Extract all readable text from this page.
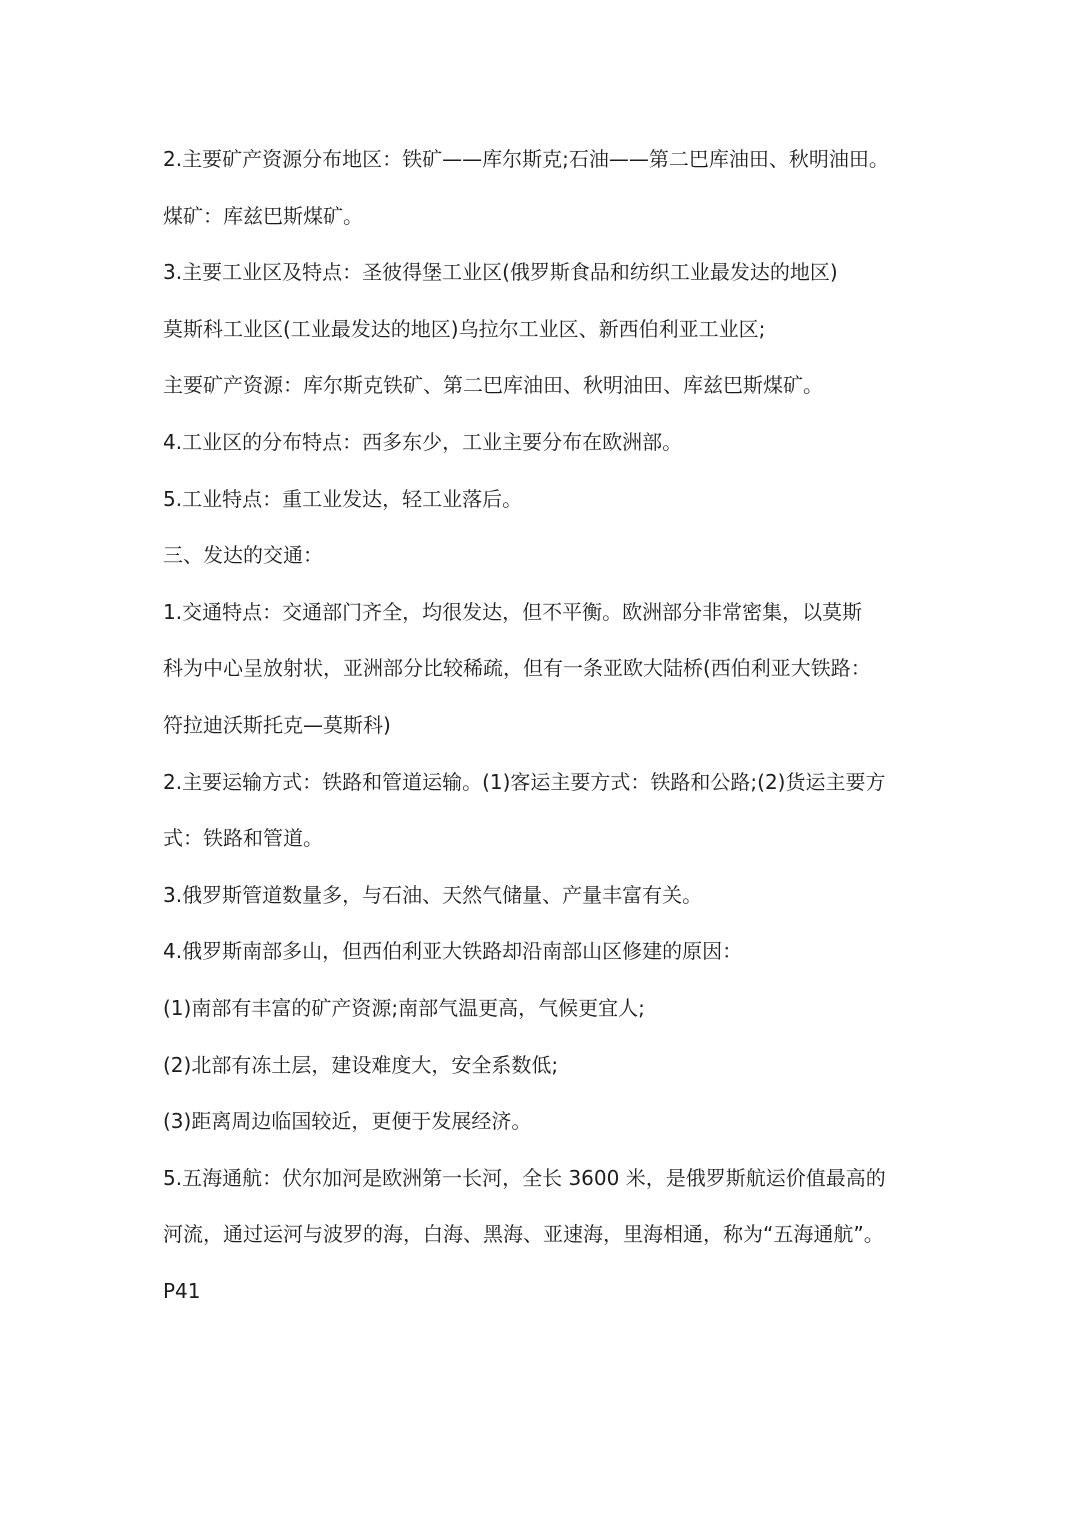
2.主要矿产资源分布地区：铁矿——库尔斯克;石油——第二巴库油田、秋明油田。
煤矿：库兹巴斯煤矿。
3.主要工业区及特点：圣彼得堡工业区(俄罗斯食品和纺织工业最发达的地区)
莫斯科工业区(工业最发达的地区)乌拉尔工业区、新西伯利亚工业区;
主要矿产资源：库尔斯克铁矿、第二巴库油田、秋明油田、库兹巴斯煤矿。
4.工业区的分布特点：西多东少，工业主要分布在欧洲部。
5.工业特点：重工业发达，轻工业落后。
三、发达的交通：
1.交通特点：交通部门齐全，均很发达，但不平衡。欧洲部分非常密集，以莫斯
科为中心呈放射状，亚洲部分比较稀疏，但有一条亚欧大陆桥(西伯利亚大铁路：
符拉迪沃斯托克—莫斯科)
2.主要运输方式：铁路和管道运输。(1)客运主要方式：铁路和公路;(2)货运主要方
式：铁路和管道。
3.俄罗斯管道数量多，与石油、天然气储量、产量丰富有关。
4.俄罗斯南部多山，但西伯利亚大铁路却沿南部山区修建的原因：
(1)南部有丰富的矿产资源;南部气温更高，气候更宜人;
(2)北部有冻土层，建设难度大，安全系数低;
(3)距离周边临国较近，更便于发展经济。
5.五海通航：伏尔加河是欧洲第一长河，全长 3600 米，是俄罗斯航运价值最高的
河流，通过运河与波罗的海，白海、黑海、亚速海，里海相通，称为“五海通航”。
P41
